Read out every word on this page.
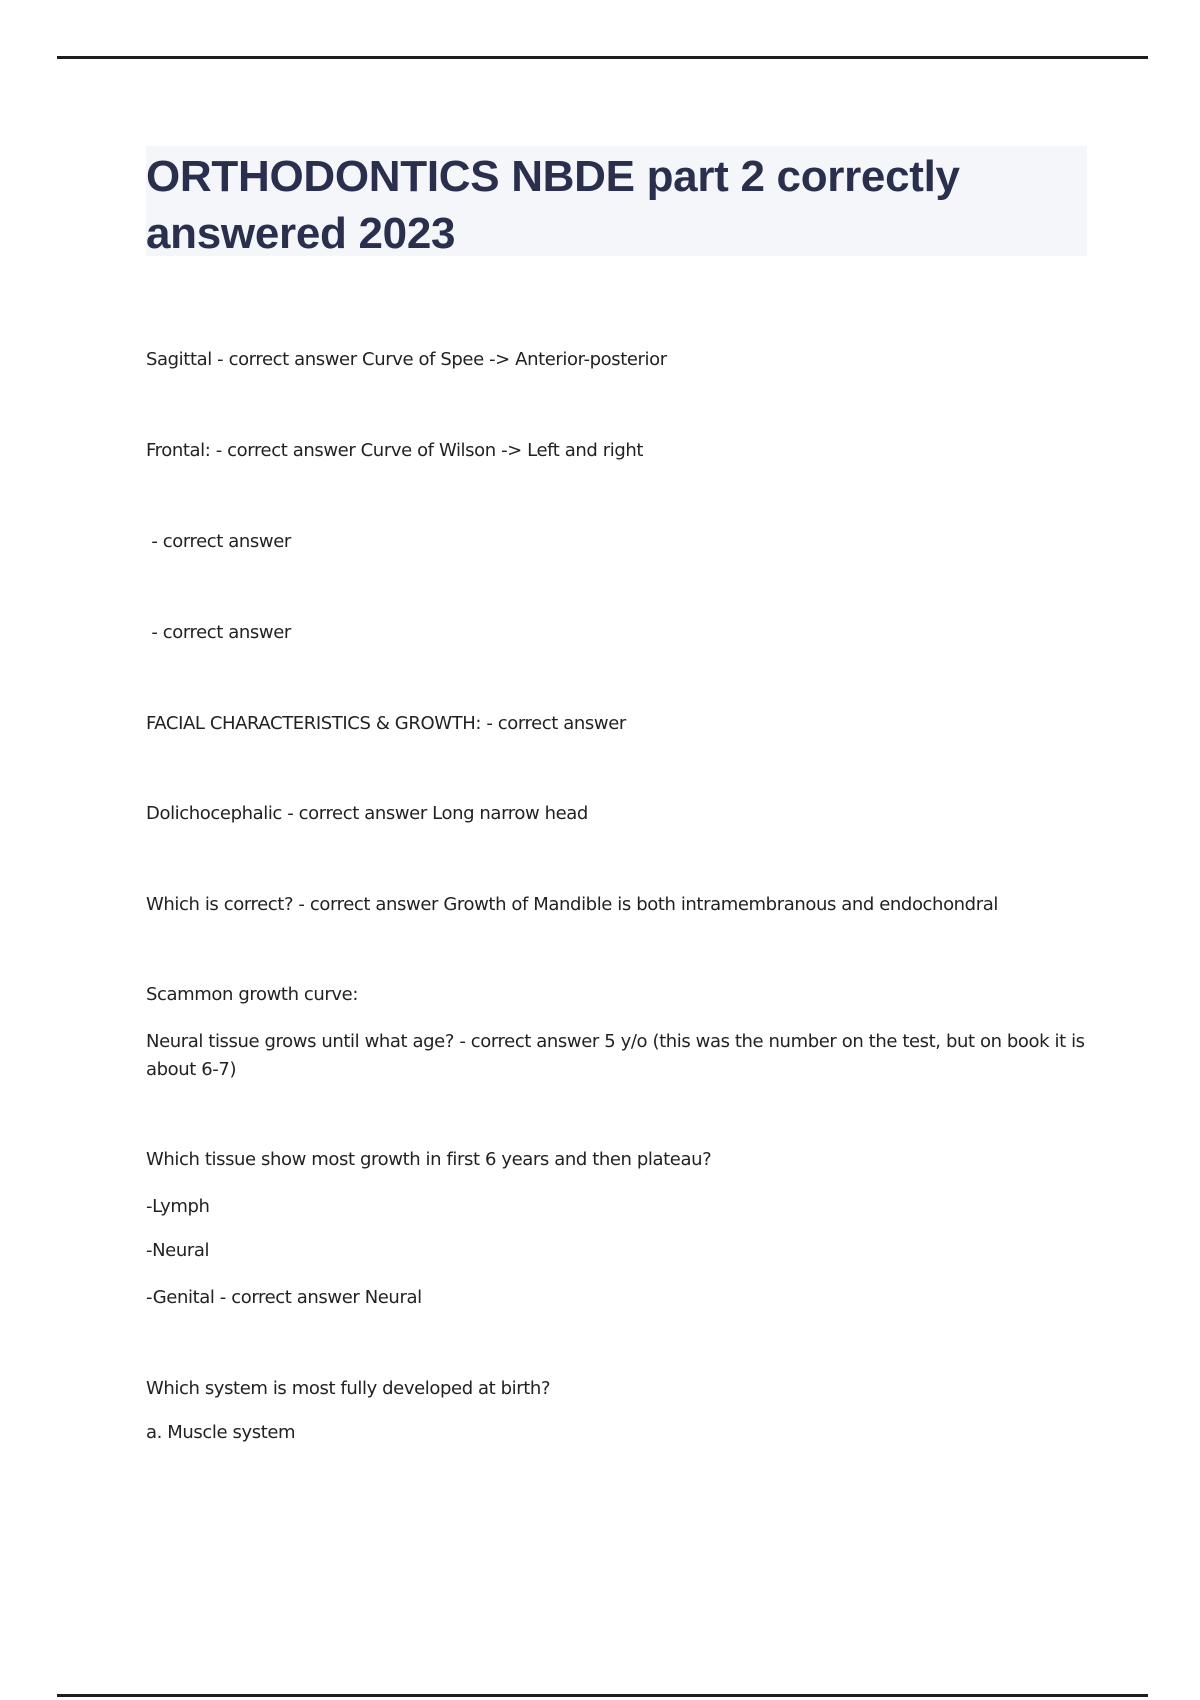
ORTHODONTICS NBDE part 2 correctly answered 2023
Sagittal - correct answer Curve of Spee -> Anterior-posterior
Frontal: - correct answer Curve of Wilson -> Left and right
- correct answer
- correct answer
FACIAL CHARACTERISTICS & GROWTH: - correct answer
Dolichocephalic - correct answer Long narrow head
Which is correct? - correct answer Growth of Mandible is both intramembranous and endochondral
Scammon growth curve:
Neural tissue grows until what age? - correct answer 5 y/o (this was the number on the test, but on book it is about 6-7)
Which tissue show most growth in first 6 years and then plateau?
-Lymph
-Neural
-Genital - correct answer Neural
Which system is most fully developed at birth?
a. Muscle system
